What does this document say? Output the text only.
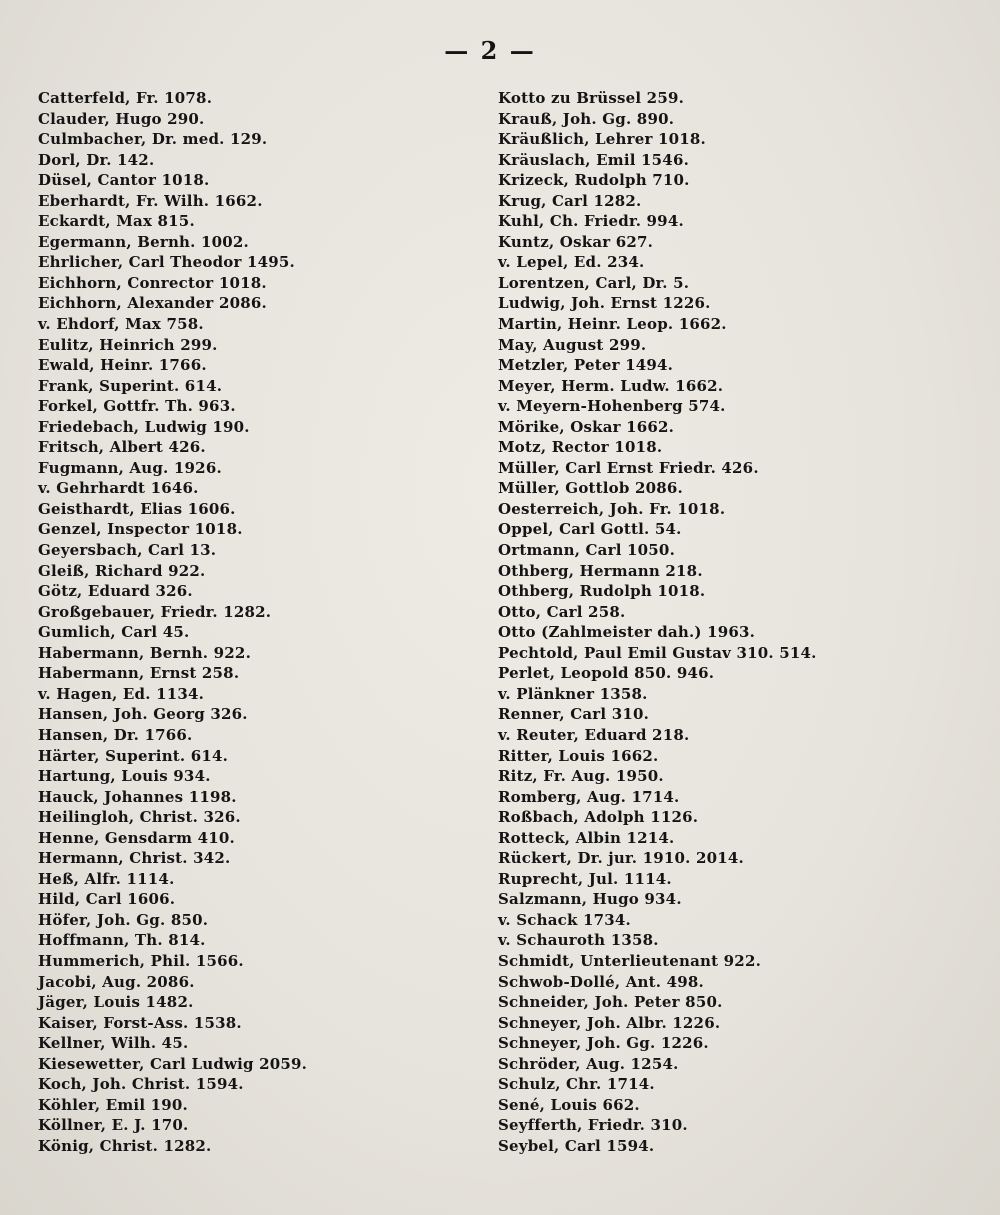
— 2 —
Catterfeld, Fr. 1078.
Clauder, Hugo 290.
Culmbacher, Dr. med. 129.
Dorl, Dr. 142.
Düsel, Cantor 1018.
Eberhardt, Fr. Wilh. 1662.
Eckardt, Max 815.
Egermann, Bernh. 1002.
Ehrlicher, Carl Theodor 1495.
Eichhorn, Conrector 1018.
Eichhorn, Alexander 2086.
v. Ehdorf, Max 758.
Eulitz, Heinrich 299.
Ewald, Heinr. 1766.
Frank, Superint. 614.
Forkel, Gottfr. Th. 963.
Friedebach, Ludwig 190.
Fritsch, Albert 426.
Fugmann, Aug. 1926.
v. Gehrhardt 1646.
Geisthardt, Elias 1606.
Genzel, Inspector 1018.
Geyersbach, Carl 13.
Gleiß, Richard 922.
Götz, Eduard 326.
Großgebauer, Friedr. 1282.
Gumlich, Carl 45.
Habermann, Bernh. 922.
Habermann, Ernst 258.
v. Hagen, Ed. 1134.
Hansen, Joh. Georg 326.
Hansen, Dr. 1766.
Härter, Superint. 614.
Hartung, Louis 934.
Hauck, Johannes 1198.
Heilingloh, Christ. 326.
Henne, Gensdarm 410.
Hermann, Christ. 342.
Heß, Alfr. 1114.
Hild, Carl 1606.
Höfer, Joh. Gg. 850.
Hoffmann, Th. 814.
Hummerich, Phil. 1566.
Jacobi, Aug. 2086.
Jäger, Louis 1482.
Kaiser, Forst-Ass. 1538.
Kellner, Wilh. 45.
Kiesewetter, Carl Ludwig 2059.
Koch, Joh. Christ. 1594.
Köhler, Emil 190.
Köllner, E. J. 170.
König, Christ. 1282.
Kotto zu Brüssel 259.
Krauß, Joh. Gg. 890.
Kräußlich, Lehrer 1018.
Kräuslach, Emil 1546.
Krizeck, Rudolph 710.
Krug, Carl 1282.
Kuhl, Ch. Friedr. 994.
Kuntz, Oskar 627.
v. Lepel, Ed. 234.
Lorentzen, Carl, Dr. 5.
Ludwig, Joh. Ernst 1226.
Martin, Heinr. Leop. 1662.
May, August 299.
Metzler, Peter 1494.
Meyer, Herm. Ludw. 1662.
v. Meyern-Hohenberg 574.
Mörike, Oskar 1662.
Motz, Rector 1018.
Müller, Carl Ernst Friedr. 426.
Müller, Gottlob 2086.
Oesterreich, Joh. Fr. 1018.
Oppel, Carl Gottl. 54.
Ortmann, Carl 1050.
Othberg, Hermann 218.
Othberg, Rudolph 1018.
Otto, Carl 258.
Otto (Zahlmeister dah.) 1963.
Pechtold, Paul Emil Gustav 310. 514.
Perlet, Leopold 850. 946.
v. Plänkner 1358.
Renner, Carl 310.
v. Reuter, Eduard 218.
Ritter, Louis 1662.
Ritz, Fr. Aug. 1950.
Romberg, Aug. 1714.
Roßbach, Adolph 1126.
Rotteck, Albin 1214.
Rückert, Dr. jur. 1910. 2014.
Ruprecht, Jul. 1114.
Salzmann, Hugo 934.
v. Schack 1734.
v. Schauroth 1358.
Schmidt, Unterlieutenant 922.
Schwob-Dollé, Ant. 498.
Schneider, Joh. Peter 850.
Schneyer, Joh. Albr. 1226.
Schneyer, Joh. Gg. 1226.
Schröder, Aug. 1254.
Schulz, Chr. 1714.
Sené, Louis 662.
Seyfferth, Friedr. 310.
Seybel, Carl 1594.
